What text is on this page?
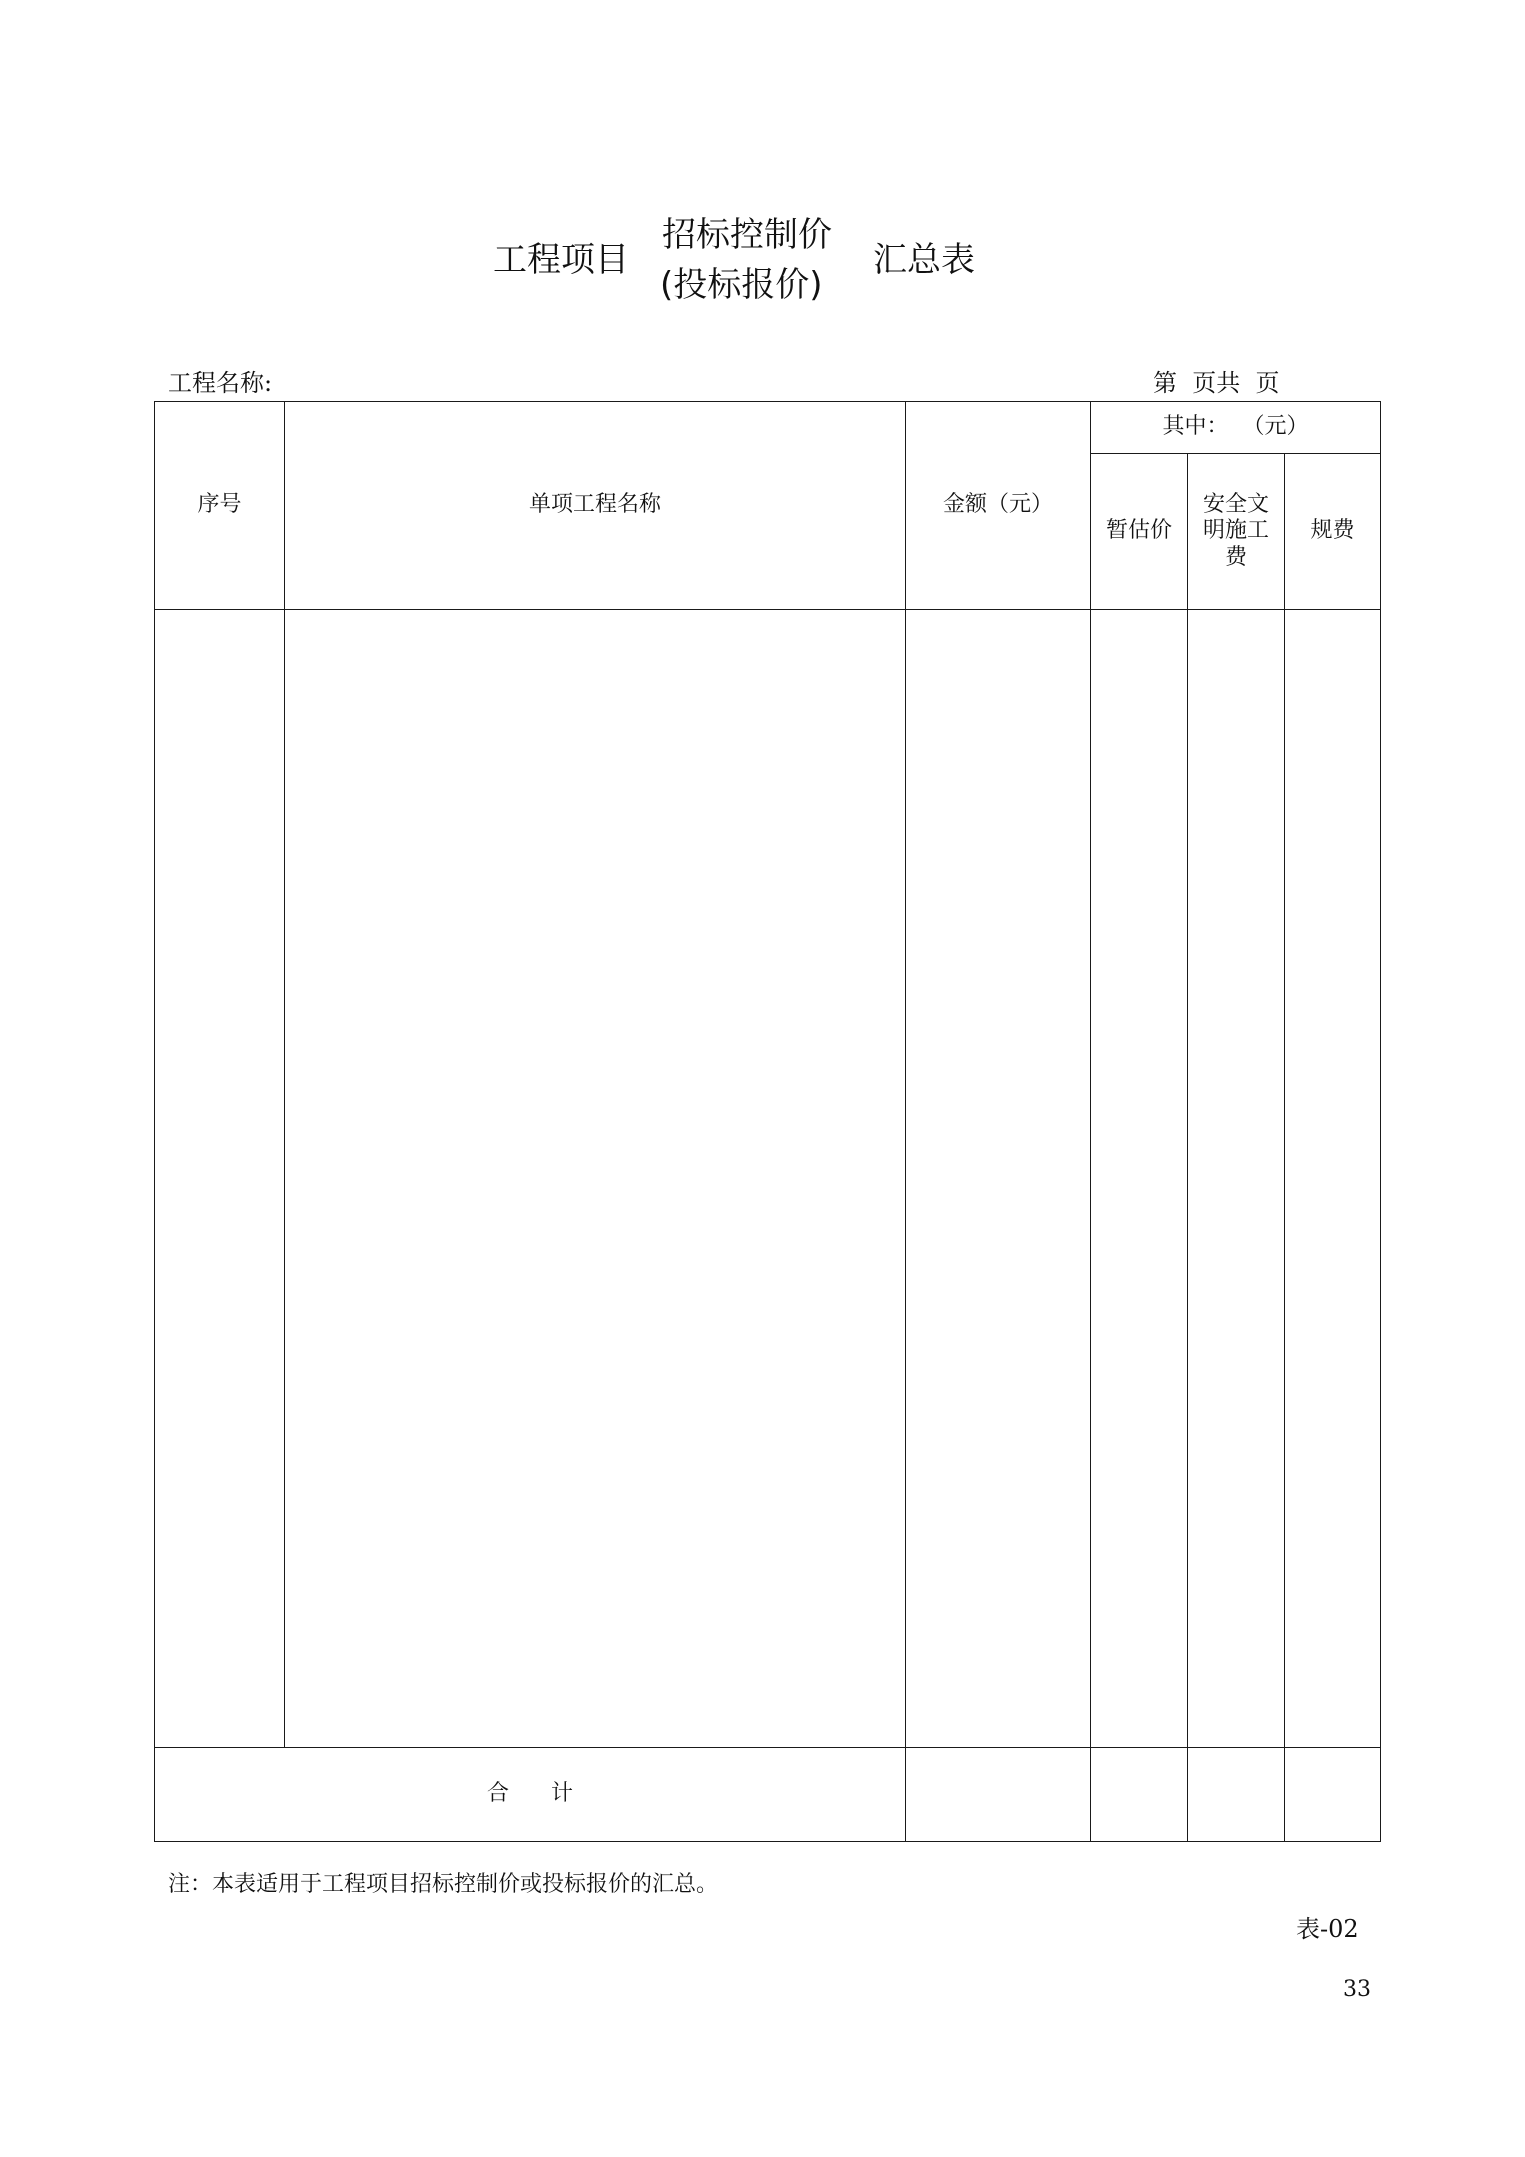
工程项目
招标控制价
(投标报价)
汇总表
工程名称:	第  页共  页
序号	单项工程名称	金额（元）	其中：  （元）		
			暂估价	安全文
明施工
费	规费

合      计					
注：本表适用于工程项目招标控制价或投标报价的汇总。
表-02
33
